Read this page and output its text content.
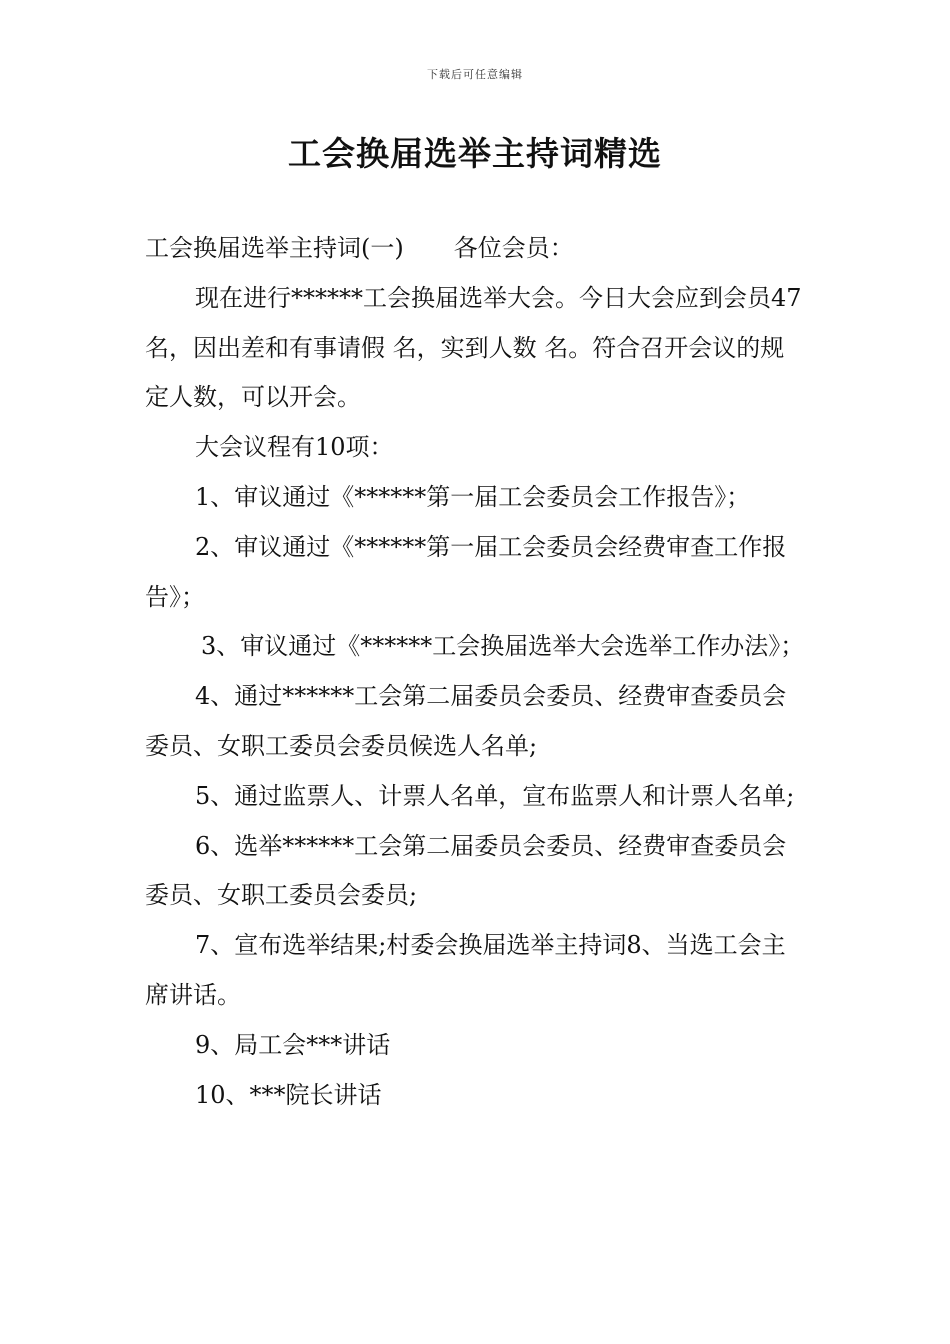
下载后可任意编辑
工会换届选举主持词精选

工会换届选举主持词(一) 各位会员：

现在进行******工会换届选举大会。今日大会应到会员47名，因出差和有事请假 名，实到人数 名。符合召开会议的规定人数，可以开会。

大会议程有10项：

1、审议通过《******第一届工会委员会工作报告》；

2、审议通过《******第一届工会委员会经费审查工作报告》；

3、审议通过《******工会换届选举大会选举工作办法》；

4、通过******工会第二届委员会委员、经费审查委员会委员、女职工委员会委员候选人名单;

5、通过监票人、计票人名单，宣布监票人和计票人名单;

6、选举******工会第二届委员会委员、经费审查委员会委员、女职工委员会委员;

7、宣布选举结果;村委会换届选举主持词8、当选工会主席讲话。

9、局工会***讲话

10、***院长讲话
